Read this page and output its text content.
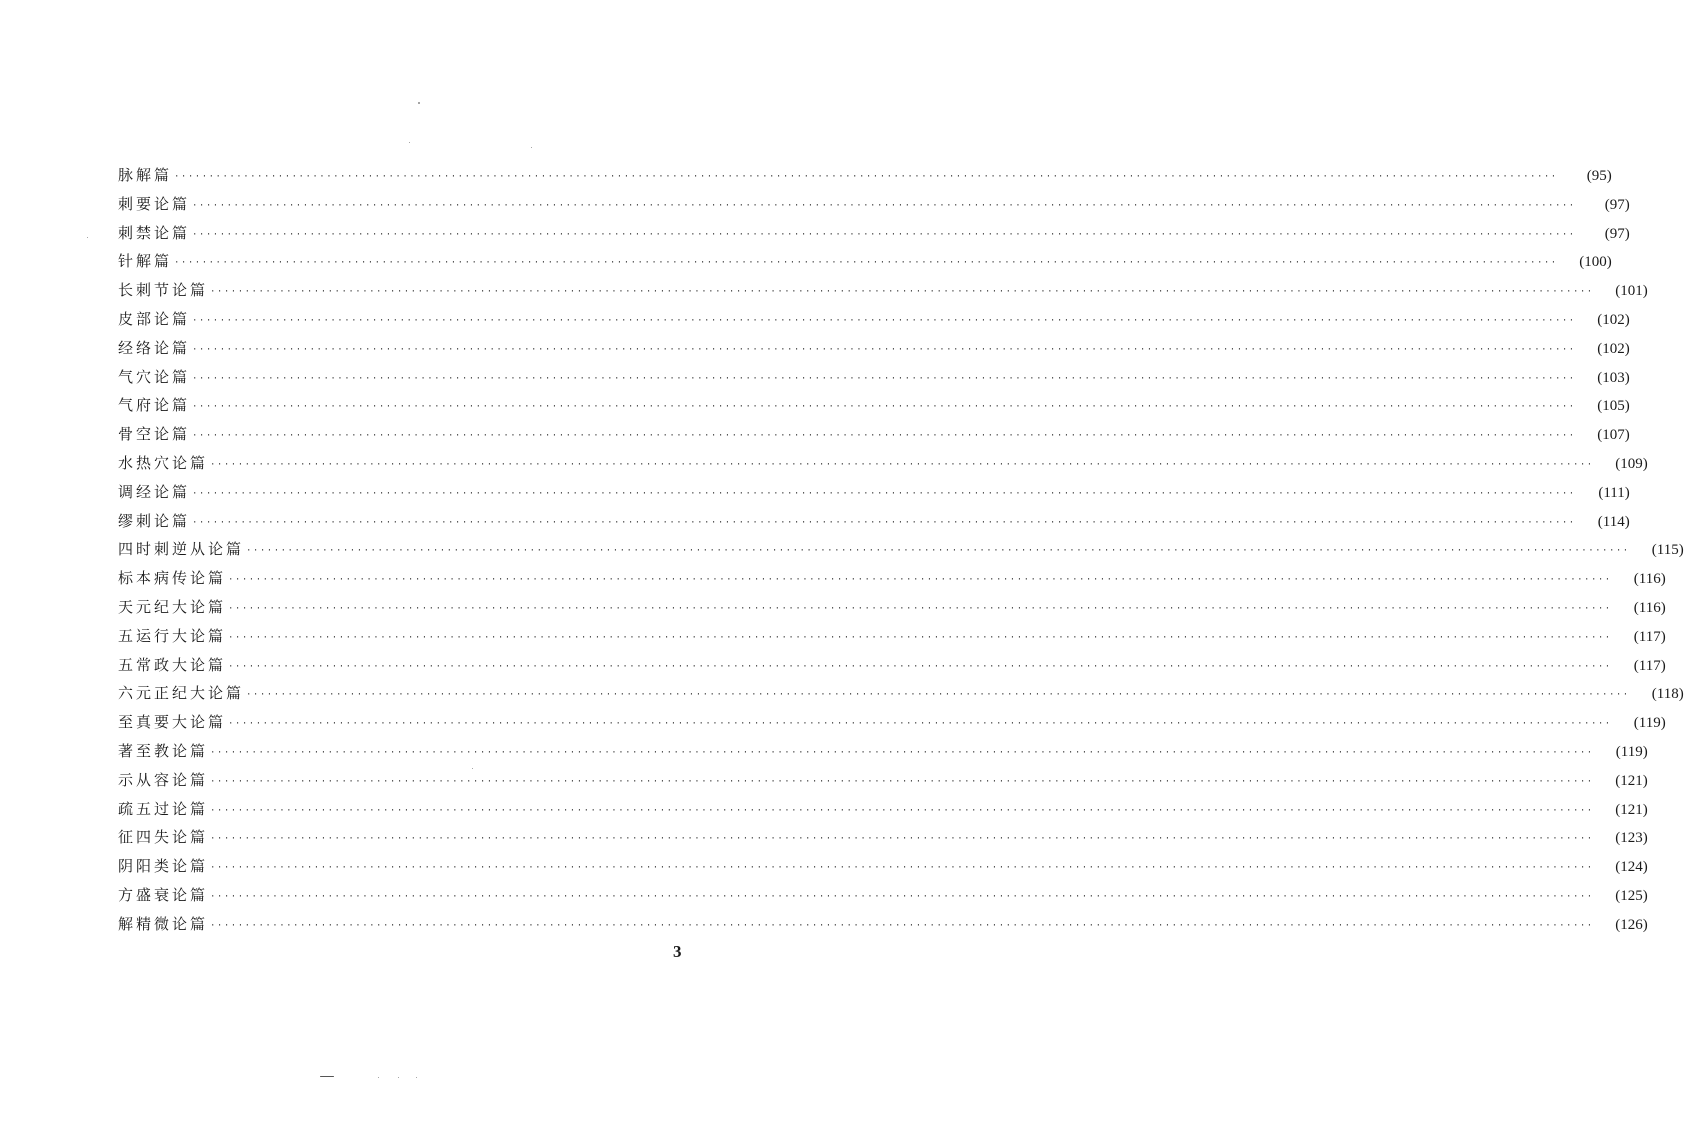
脉解篇 ········································································································································································································	(95)
刺要论篇 ········································································································································································································	(97)
刺禁论篇 ········································································································································································································	(97)
针解篇 ········································································································································································································	(100)
长刺节论篇 ········································································································································································································	(101)
皮部论篇 ········································································································································································································	(102)
经络论篇 ········································································································································································································	(102)
气穴论篇 ········································································································································································································	(103)
气府论篇 ········································································································································································································	(105)
骨空论篇 ········································································································································································································	(107)
水热穴论篇 ········································································································································································································	(109)
调经论篇 ········································································································································································································	(111)
缪刺论篇 ········································································································································································································	(114)
四时刺逆从论篇 ········································································································································································································	(115)
标本病传论篇 ········································································································································································································	(116)
天元纪大论篇 ········································································································································································································	(116)
五运行大论篇 ········································································································································································································	(117)
五常政大论篇 ········································································································································································································	(117)
六元正纪大论篇 ········································································································································································································	(118)
至真要大论篇 ········································································································································································································	(119)
著至教论篇 ········································································································································································································	(119)
示从容论篇 ········································································································································································································	(121)
疏五过论篇 ········································································································································································································	(121)
征四失论篇 ········································································································································································································	(123)
阴阳类论篇 ········································································································································································································	(124)
方盛衰论篇 ········································································································································································································	(125)
解精微论篇 ········································································································································································································	(126)
3
